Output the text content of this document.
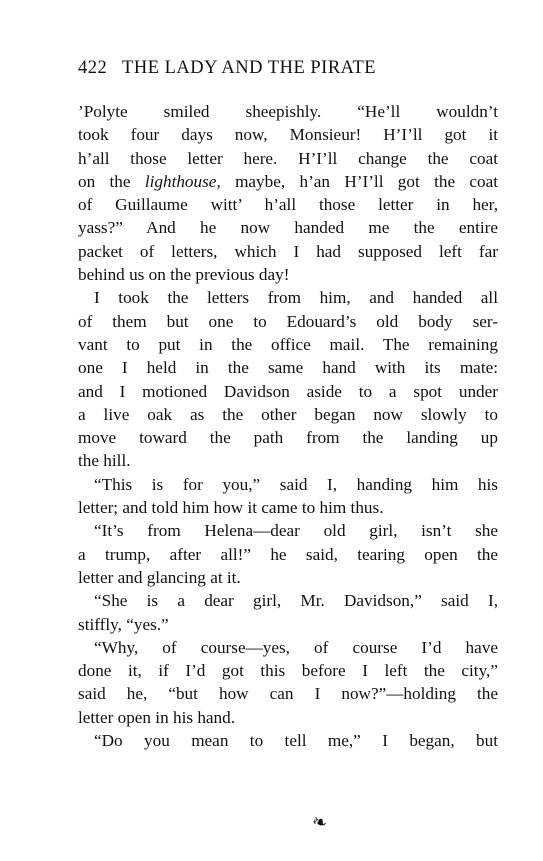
422 THE LADY AND THE PIRATE
’Polyte smiled sheepishly. “He’ll wouldn’t
took four days now, Monsieur! H’I’ll got it
h’all those letter here. H’I’ll change the coat
on the lighthouse, maybe, h’an H’I’ll got the coat
of Guillaume witt’ h’all those letter in her,
yass?” And he now handed me the entire
packet of letters, which I had supposed left far
behind us on the previous day!
I took the letters from him, and handed all
of them but one to Edouard’s old body ser-
vant to put in the office mail. The remaining
one I held in the same hand with its mate:
and I motioned Davidson aside to a spot under
a live oak as the other began now slowly to
move toward the path from the landing up
the hill.
“This is for you,” said I, handing him his
letter; and told him how it came to him thus.
“It’s from Helena—dear old girl, isn’t she
a trump, after all!” he said, tearing open the
letter and glancing at it.
“She is a dear girl, Mr. Davidson,” said I,
stiffly, “yes.”
“Why, of course—yes, of course I’d have
done it, if I’d got this before I left the city,”
said he, “but how can I now?”—holding the
letter open in his hand.
“Do you mean to tell me,” I began, but
❧
